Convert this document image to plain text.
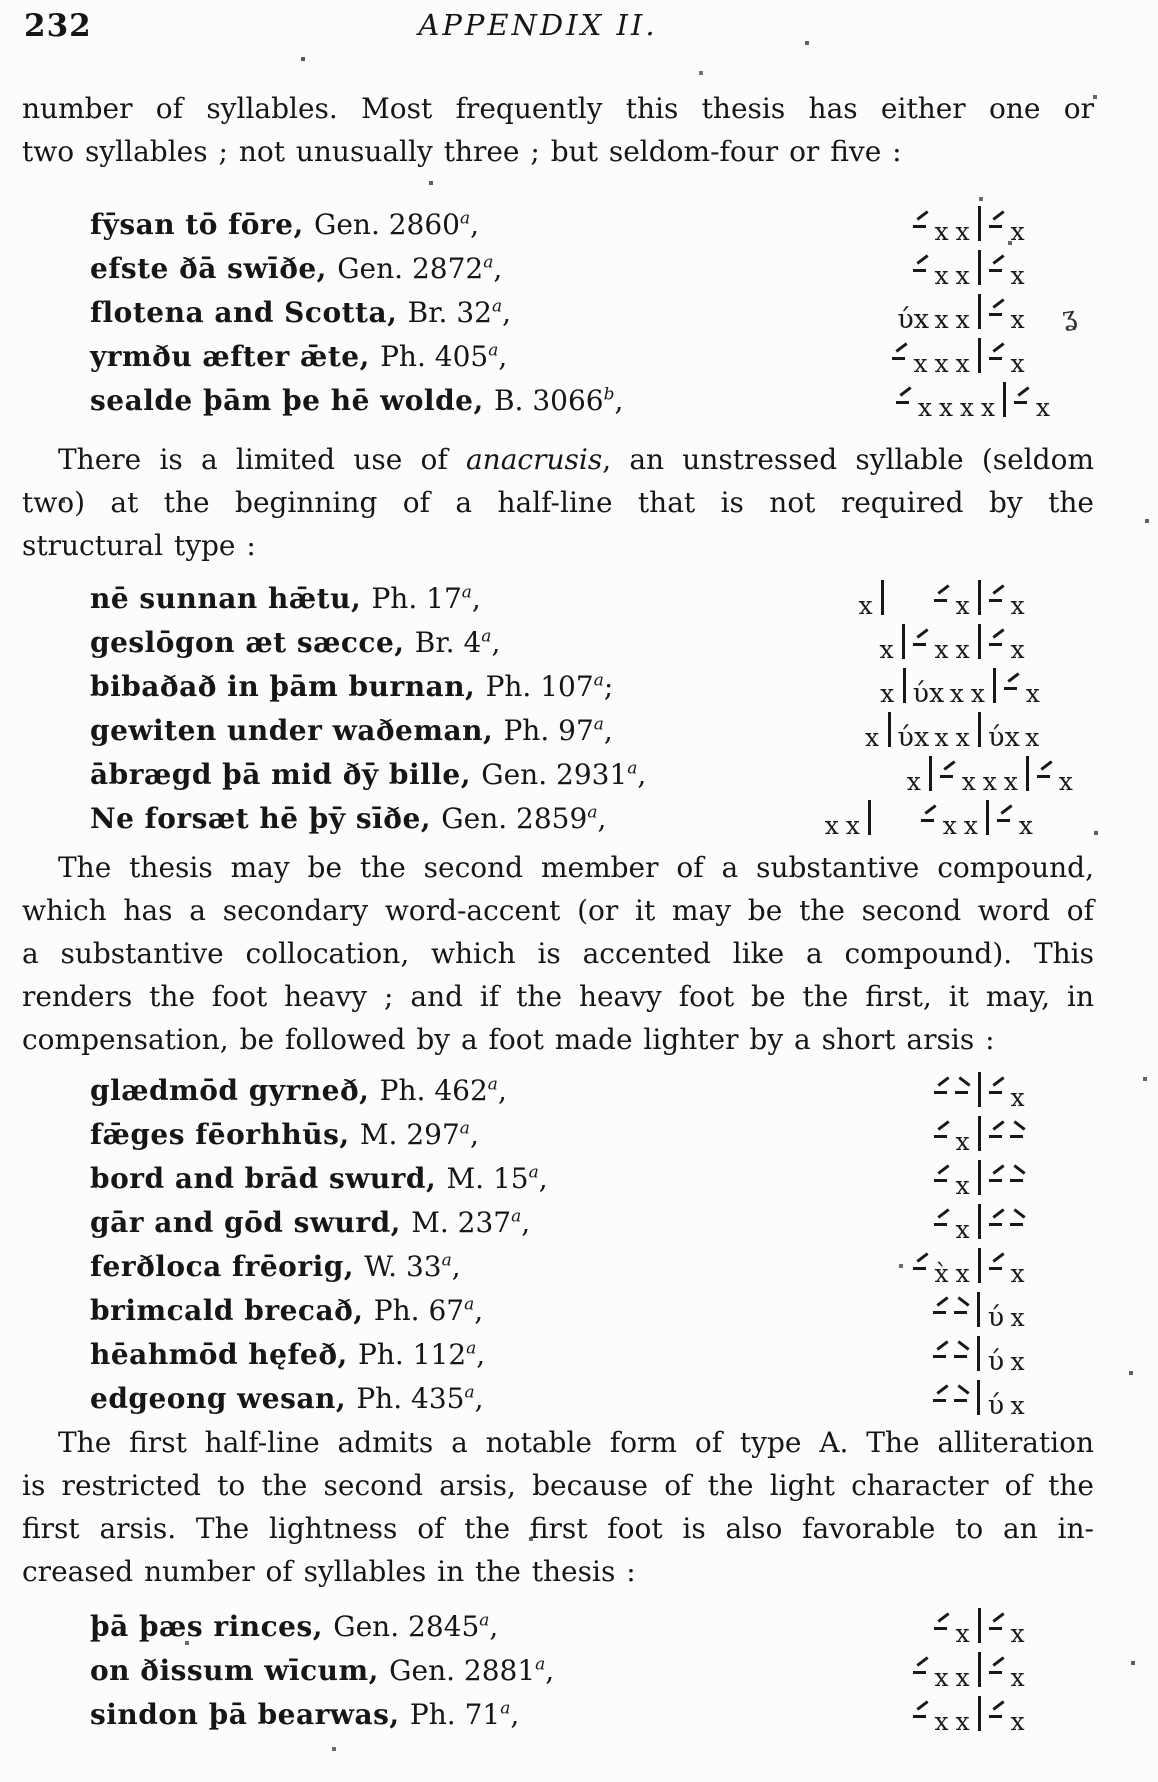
232	APPENDIX II.
number of syllables. Most frequently this thesis has either one or
two syllables ; not unusually three ; but seldom-four or five :
fȳsan tō fōre, Gen. 2860$^a$,	x x x
efste ðā swīðe, Gen. 2872$^a$,	x x x
flotena and Scotta, Br. 32$^a$,	ύx x x x
yrmðu æfter ǣte, Ph. 405$^a$,	x x x x
sealde þām þe hē wolde, B. 3066$^b$,	x x x x x
There is a limited use of anacrusis, an unstressed syllable (seldom
two) at the beginning of a half-line that is not required by the
structural type :
nē sunnan hǣtu, Ph. 17$^a$,	x	x x
geslōgon æt sæcce, Br. 4$^a$,	x x x x
bibaðað in þām burnan, Ph. 107$^a$;	x ύx x x x
gewiten under waðeman, Ph. 97$^a$,	x ύx x x ύx x
ābrægd þā mid ðȳ bille, Gen. 2931$^a$,	x x x x x
Ne forsæt hē þȳ sīðe, Gen. 2859$^a$,	x x	x x x
The thesis may be the second member of a substantive compound,
which has a secondary word-accent (or it may be the second word of
a substantive collocation, which is accented like a compound). This
renders the foot heavy ; and if the heavy foot be the first, it may, in
compensation, be followed by a foot made lighter by a short arsis :
glædmōd gyrneð, Ph. 462$^a$,	x
fǣges fēorhhūs, M. 297$^a$,	x
bord and brād swurd, M. 15$^a$,	x
gār and gōd swurd, M. 237$^a$,	x
ferðloca frēorig, W. 33$^a$,	x̀ x x
brimcald brecað, Ph. 67$^a$,	ύ x
hēahmōd hęfeð, Ph. 112$^a$,	ύ x
edgeong wesan, Ph. 435$^a$,	ύ x
The first half-line admits a notable form of type A. The alliteration
is restricted to the second arsis, because of the light character of the
first arsis. The lightness of the first foot is also favorable to an in-
creased number of syllables in the thesis :
þā þæs rinces, Gen. 2845$^a$,	x x
on ðissum wīcum, Gen. 2881$^a$,	x x x
sindon þā bearwas, Ph. 71$^a$,	x x x
ʓ
